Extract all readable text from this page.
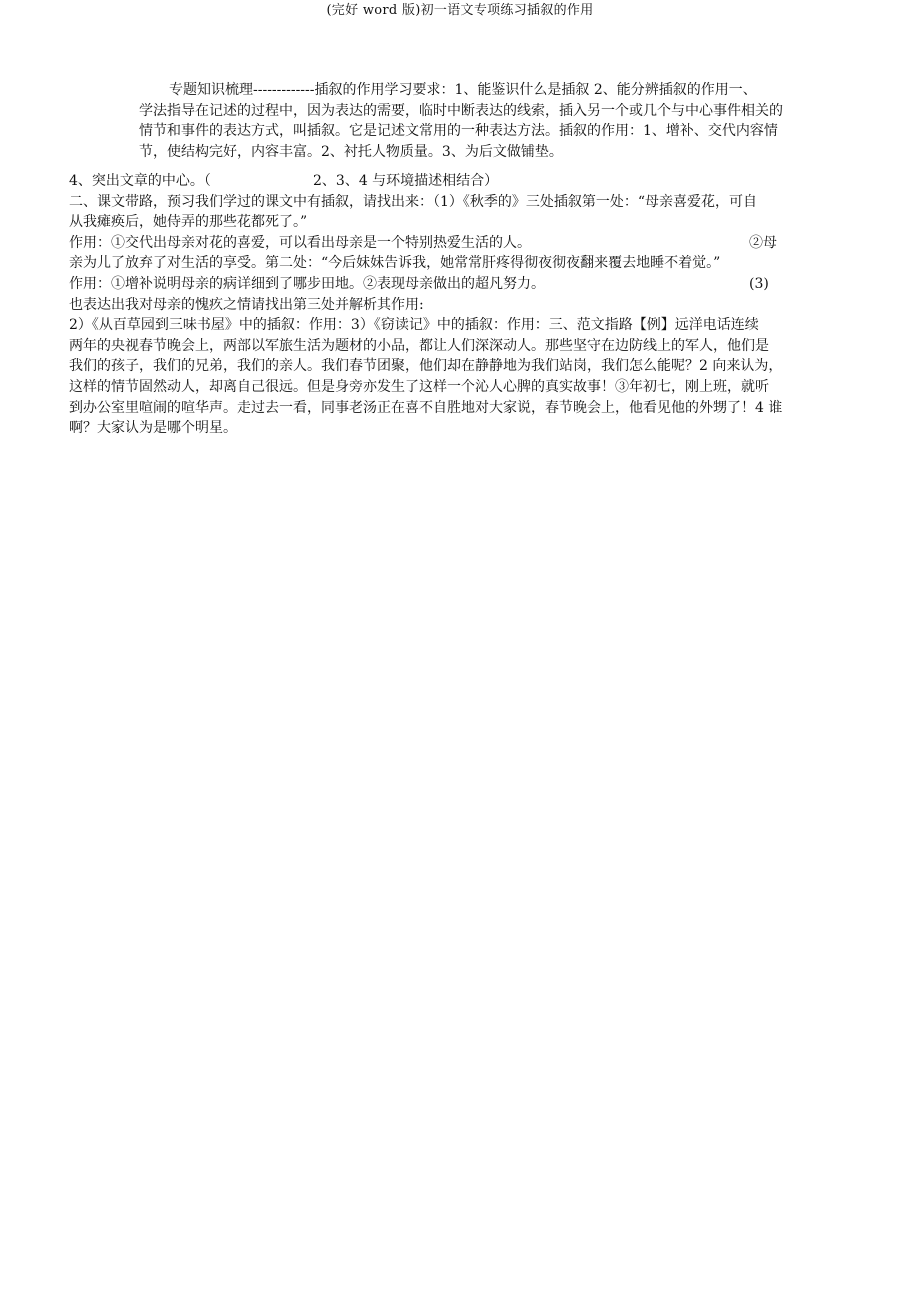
(完好 word 版)初一语文专项练习插叙的作用

专题知识梳理-------------插叙的作用学习要求：1、能鉴识什么是插叙 2、能分辨插叙的作用一、

学法指导在记述的过程中，因为表达的需要，临时中断表达的线索，插入另一个或几个与中心事件相关的

情节和事件的表达方式，叫插叙。它是记述文常用的一种表达方法。插叙的作用：1、增补、交代内容情

节，使结构完好，内容丰富。2、衬托人物质量。3、为后文做铺垫。

4、突出文章的中心。（	2、3、4 与环境描述相结合）

二、课文带路，预习我们学过的课文中有插叙，请找出来：（1）《秋季的》三处插叙第一处：“母亲喜爱花，可自

从我瘫痪后，她侍弄的那些花都死了。”

作用：①交代出母亲对花的喜爱，可以看出母亲是一个特别热爱生活的人。	②母

亲为儿了放弃了对生活的享受。第二处：“今后妹妹告诉我，她常常肝疼得彻夜彻夜翻来覆去地睡不着觉。”

作用：①增补说明母亲的病详细到了哪步田地。②表现母亲做出的超凡努力。	(3)

也表达出我对母亲的愧疚之情请找出第三处并解析其作用:

2）《从百草园到三味书屋》中的插叙：作用：3）《窃读记》中的插叙：作用：三、范文指路【例】远洋电话连续

两年的央视春节晚会上，两部以军旅生活为题材的小品，都让人们深深动人。那些坚守在边防线上的军人，他们是

我们的孩子，我们的兄弟，我们的亲人。我们春节团聚，他们却在静静地为我们站岗，我们怎么能呢？2 向来认为，

这样的情节固然动人，却离自己很远。但是身旁亦发生了这样一个沁人心脾的真实故事！③年初七，刚上班，就听

到办公室里喧闹的喧华声。走过去一看，同事老汤正在喜不自胜地对大家说，春节晚会上，他看见他的外甥了！4 谁

啊？大家认为是哪个明星。
